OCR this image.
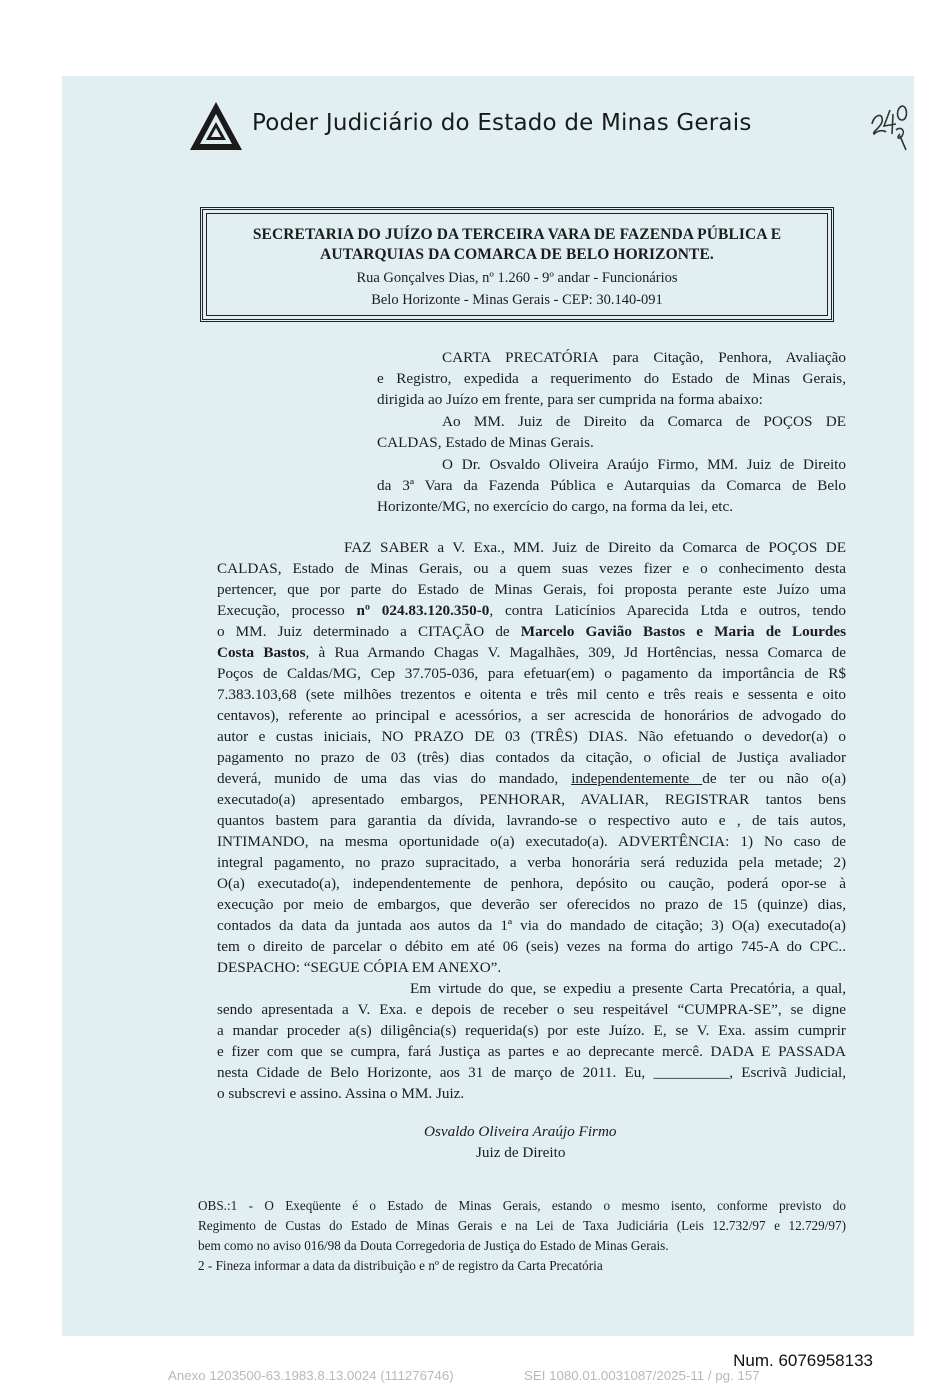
Poder Judiciário do Estado de Minas Gerais
SECRETARIA DO JUÍZO DA TERCEIRA VARA DE FAZENDA PÚBLICA E
AUTARQUIAS DA COMARCA DE BELO HORIZONTE.
Rua Gonçalves Dias, nº 1.260 - 9º andar - Funcionários
Belo Horizonte - Minas Gerais - CEP: 30.140-091
CARTA PRECATÓRIA para Citação, Penhora, Avaliação
e Registro, expedida a requerimento do Estado de Minas Gerais,
dirigida ao Juízo em frente, para ser cumprida na forma abaixo:
Ao MM. Juiz de Direito da Comarca de POÇOS DE
CALDAS, Estado de Minas Gerais.
O Dr. Osvaldo Oliveira Araújo Firmo, MM. Juiz de Direito
da 3ª Vara da Fazenda Pública e Autarquias da Comarca de Belo
Horizonte/MG, no exercício do cargo, na forma da lei, etc.
FAZ SABER a V. Exa., MM. Juiz de Direito da Comarca de POÇOS DE
CALDAS, Estado de Minas Gerais, ou a quem suas vezes fizer e o conhecimento desta
pertencer, que por parte do Estado de Minas Gerais, foi proposta perante este Juízo uma
Execução, processo nº 024.83.120.350-0, contra Laticínios Aparecida Ltda e outros, tendo
o MM. Juiz determinado a CITAÇÃO de Marcelo Gavião Bastos e Maria de Lourdes
Costa Bastos, à Rua Armando Chagas V. Magalhães, 309, Jd Hortências, nessa Comarca de
Poços de Caldas/MG, Cep 37.705-036, para efetuar(em) o pagamento da importância de R$
7.383.103,68 (sete milhões trezentos e oitenta e três mil cento e três reais e sessenta e oito
centavos), referente ao principal e acessórios, a ser acrescida de honorários de advogado do
autor e custas iniciais, NO PRAZO DE 03 (TRÊS) DIAS. Não efetuando o devedor(a) o
pagamento no prazo de 03 (três) dias contados da citação, o oficial de Justiça avaliador
deverá, munido de uma das vias do mandado, independentemente de ter ou não o(a)
executado(a) apresentado embargos, PENHORAR, AVALIAR, REGISTRAR tantos bens
quantos bastem para garantia da dívida, lavrando-se o respectivo auto e , de tais autos,
INTIMANDO, na mesma oportunidade o(a) executado(a). ADVERTÊNCIA: 1) No caso de
integral pagamento, no prazo supracitado, a verba honorária será reduzida pela metade; 2)
O(a) executado(a), independentemente de penhora, depósito ou caução, poderá opor-se à
execução por meio de embargos, que deverão ser oferecidos no prazo de 15 (quinze) dias,
contados da data da juntada aos autos da 1ª via do mandado de citação; 3) O(a) executado(a)
tem o direito de parcelar o débito em até 06 (seis) vezes na forma do artigo 745-A do CPC..
DESPACHO: “SEGUE CÓPIA EM ANEXO”.
Em virtude do que, se expediu a presente Carta Precatória, a qual,
sendo apresentada a V. Exa. e depois de receber o seu respeitável “CUMPRA-SE”, se digne
a mandar proceder a(s) diligência(s) requerida(s) por este Juízo. E, se V. Exa. assim cumprir
e fizer com que se cumpra, fará Justiça as partes e ao deprecante mercê. DADA E PASSADA
nesta Cidade de Belo Horizonte, aos 31 de março de 2011. Eu, __________, Escrivã Judicial,
o subscrevi e assino. Assina o MM. Juiz.
Osvaldo Oliveira Araújo Firmo
Juiz de Direito
OBS.:1 - O Exeqüente é o Estado de Minas Gerais, estando o mesmo isento, conforme previsto do
Regimento de Custas do Estado de Minas Gerais e na Lei de Taxa Judiciária (Leis 12.732/97 e 12.729/97)
bem como no aviso 016/98 da Douta Corregedoria de Justiça do Estado de Minas Gerais.
2 - Fineza informar a data da distribuição e nº de registro da Carta Precatória
Num. 6076958133
Anexo 1203500-63.1983.8.13.0024 (111276746)	SEI 1080.01.0031087/2025-11 / pg. 157
